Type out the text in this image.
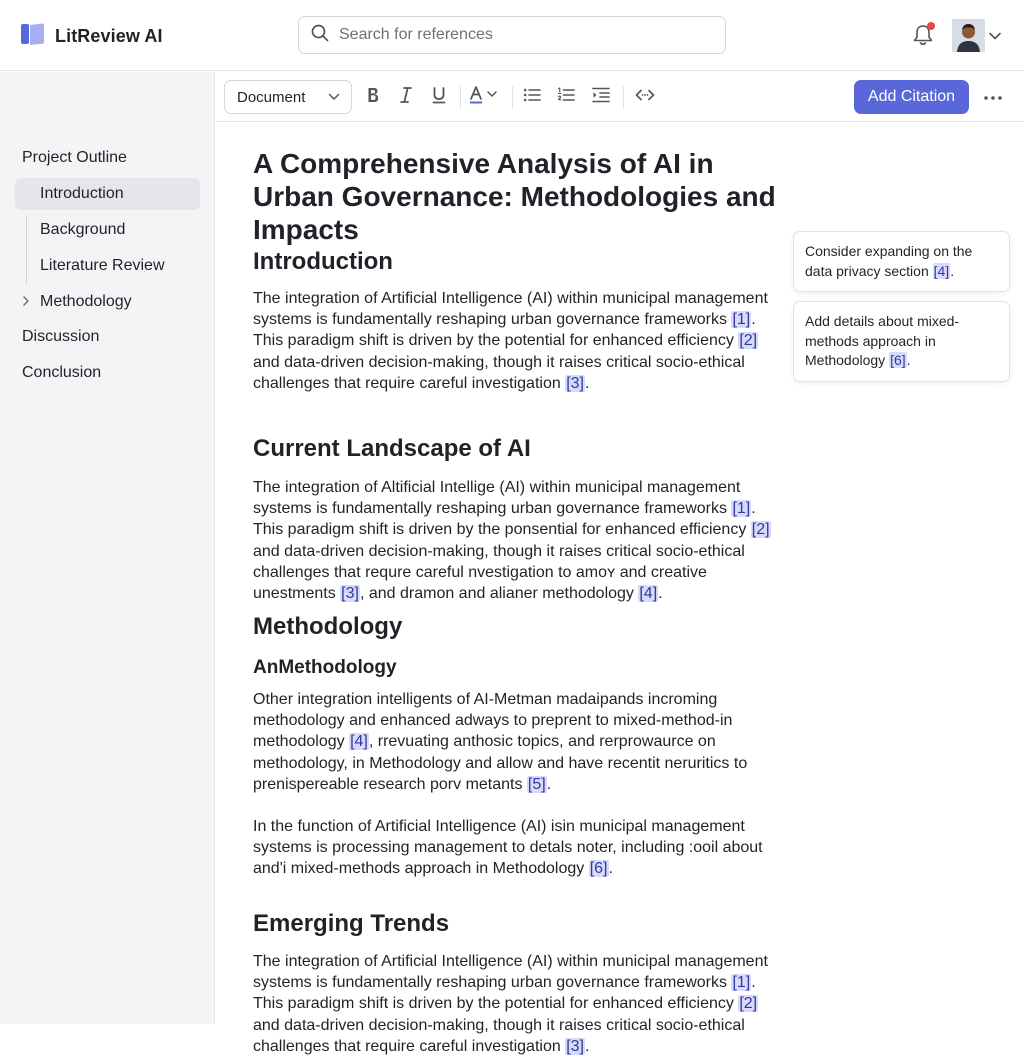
LitReview AI
Search for references
Project Outline
Introduction
Background
Literature Review
Methodology
Discussion
Conclusion
Document	Add Citation
A Comprehensive Analysis of AI in Urban Governance: Methodologies and Impacts
Introduction

The integration of Artificial Intelligence (AI) within municipal management systems is fundamentally reshaping urban governance frameworks [1]. This paradigm shift is driven by the potential for enhanced efficiency [2] and data-driven decision-making, though it raises critical socio-ethical challenges that require careful investigation [3].

Current Landscape of AI

The integration of Altificial Intellige (AI) within municipal management systems is fundamentally reshaping urban governance frameworks [1]. This paradigm shift is driven by the ponsential for enhanced efficiency [2] and data-driven decision-making, though it raises critical socio-ethical challenges that requre careful nvestigation to amoʏ and creative unestments [3], and dramon and alianer methodology [4].

Methodology
AnMethodology

Other integration intelligents of AI-Metman madaipands incroming methodology and enhanced adways to preprent to mixed-method-in methodology [4], rrevuating anthosic topics, and rerprowaurce on methodology, in Methodology and allow and have recentit neruritics to prenispereable research porv metants [5].

In the function of Artificial Intelligence (AI) isin municipal management systems is processing management to detals noter, including :ooil about and'i mixed-methods approach in Methodology [6].

Emerging Trends

The integration of Artificial Intelligence (AI) within municipal management systems is fundamentally reshaping urban governance frameworks [1]. This paradigm shift is driven by the potential for enhanced efficiency [2] and data-driven decision-making, though it raises critical socio-ethical challenges that require careful investigation [3].

Consider expanding on the data privacy section [4].
Add details about mixed-methods approach in Methodology [6].
